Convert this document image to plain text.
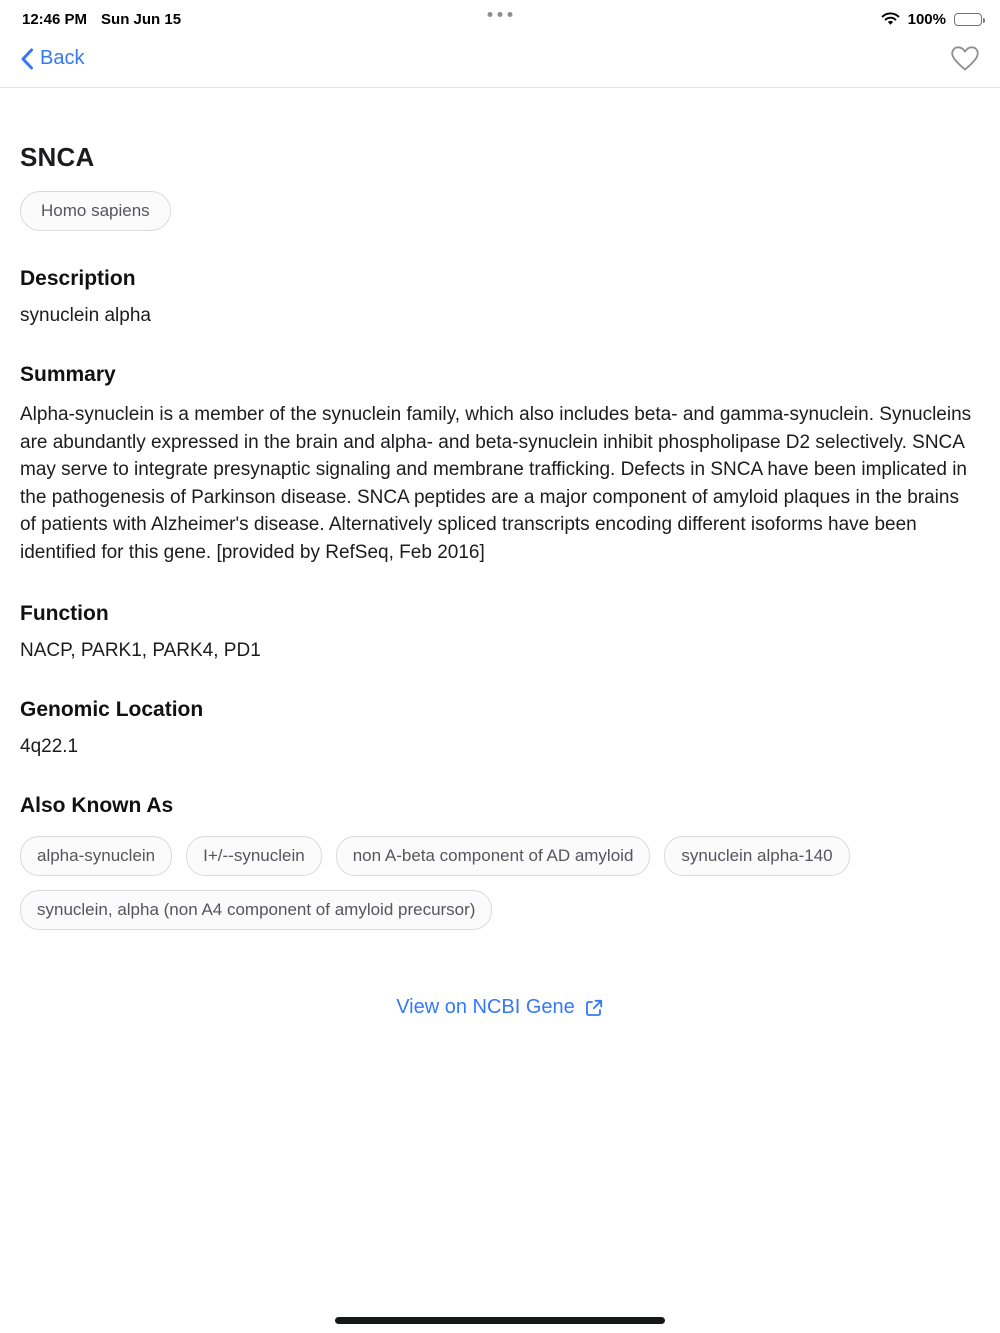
12:46 PM Sun Jun 15	100%
Back
SNCA
Homo sapiens
Description

synuclein alpha

Summary

Alpha-synuclein is a member of the synuclein family, which also includes beta- and gamma-synuclein. Synucleins are abundantly expressed in the brain and alpha- and beta-synuclein inhibit phospholipase D2 selectively. SNCA may serve to integrate presynaptic signaling and membrane trafficking. Defects in SNCA have been implicated in the pathogenesis of Parkinson disease. SNCA peptides are a major component of amyloid plaques in the brains of patients with Alzheimer's disease. Alternatively spliced transcripts encoding different isoforms have been identified for this gene. [provided by RefSeq, Feb 2016]

Function

NACP, PARK1, PARK4, PD1

Genomic Location

4q22.1

Also Known As
alpha-synuclein	I+/--synuclein	non A-beta component of AD amyloid	synuclein alpha-140
synuclein, alpha (non A4 component of amyloid precursor)
View on NCBI Gene
